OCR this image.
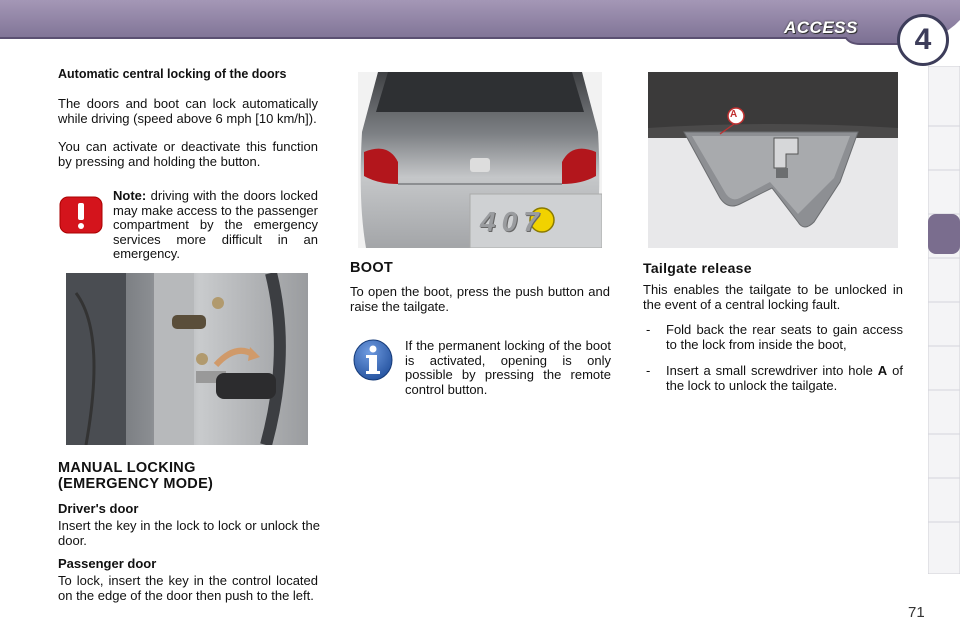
ACCESS	4

Automatic central locking of the doors

The doors and boot can lock automatically while driving (speed above 6 mph [10 km/h]).

You can activate or deactivate this function by pressing and holding the button.

Note: driving with the doors locked may make access to the passenger compartment by the emergency services more difficult in an emergency.

MANUAL LOCKING (EMERGENCY MODE)

Driver's door

Insert the key in the lock to lock or unlock the door.

Passenger door

To lock, insert the key in the control located on the edge of the door then push to the left.

407

BOOT

To open the boot, press the push button and raise the tailgate.

If the permanent locking of the boot is activated, opening is only possible by pressing the remote control button.

A

Tailgate release

This enables the tailgate to be unlocked in the event of a central locking fault.

- Fold back the rear seats to gain access to the lock from inside the boot,

- Insert a small screwdriver into hole A of the lock to unlock the tailgate.

71
